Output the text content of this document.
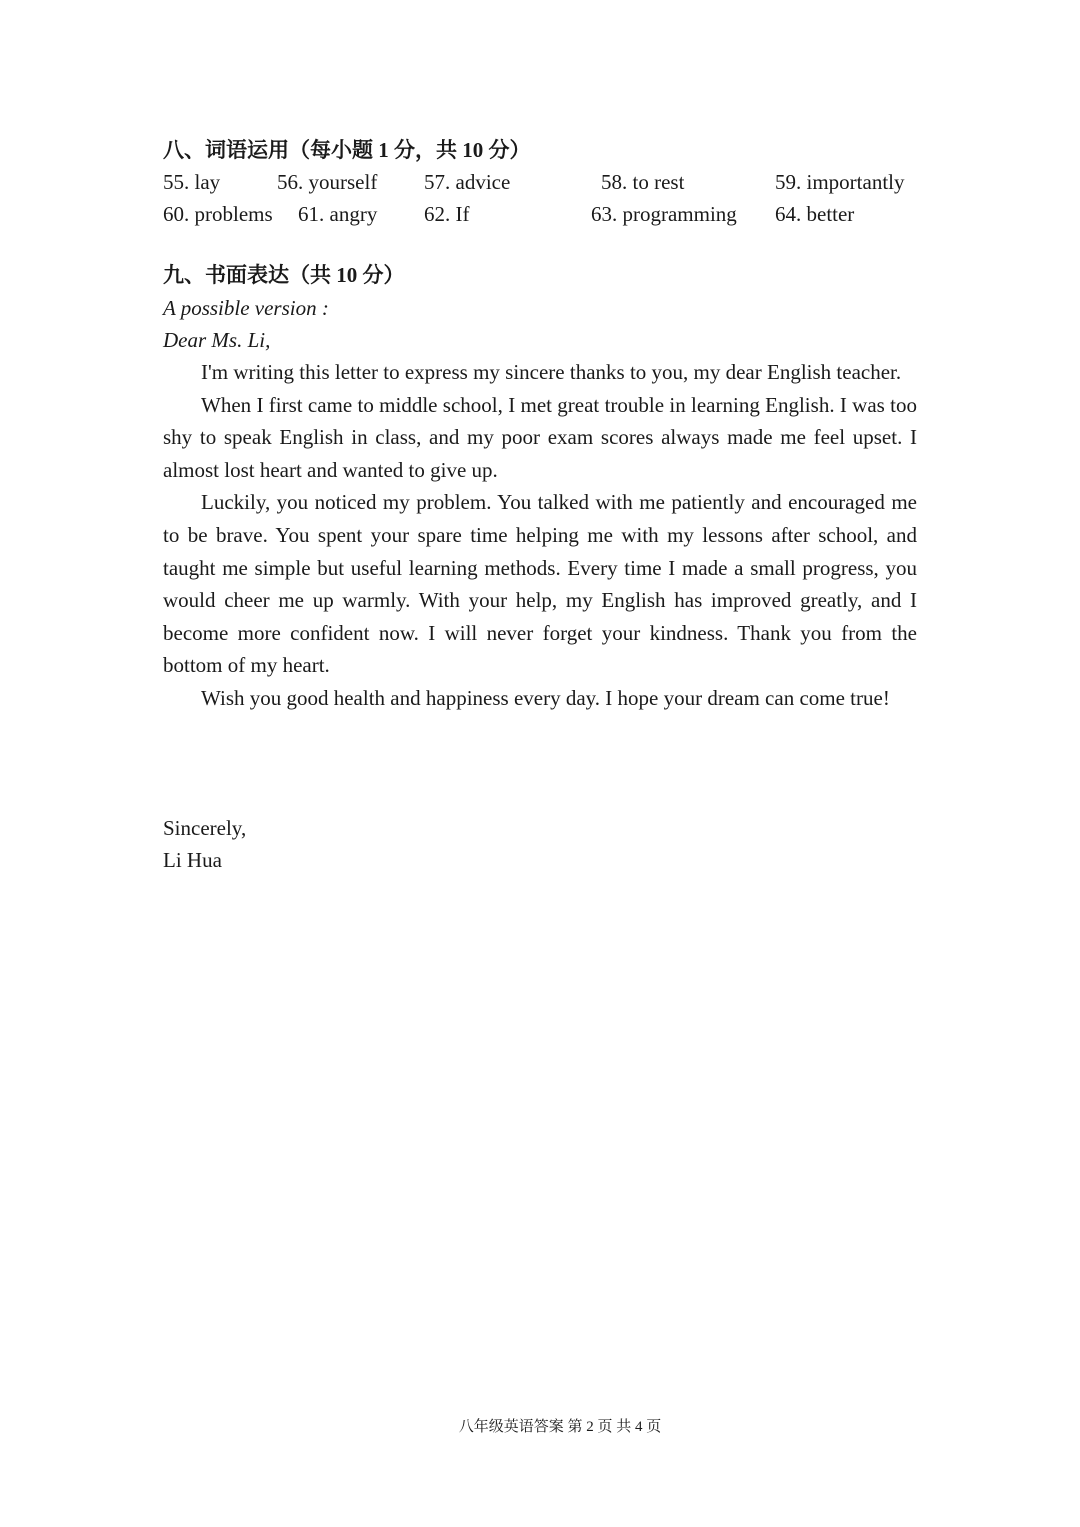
八、词语运用（每小题 1 分，共 10 分）
55. lay	56. yourself 57. advice	58. to rest	59. importantly
60. problems 61. angry 62. If	63. programming 64. better
九、书面表达（共 10 分）
A possible version :
Dear Ms. Li,

I'm writing this letter to express my sincere thanks to you, my dear English teacher.

When I first came to middle school, I met great trouble in learning English. I was too shy to speak English in class, and my poor exam scores always made me feel upset. I almost lost heart and wanted to give up.

Luckily, you noticed my problem. You talked with me patiently and encouraged me to be brave. You spent your spare time helping me with my lessons after school, and taught me simple but useful learning methods. Every time I made a small progress, you would cheer me up warmly. With your help, my English has improved greatly, and I become more confident now. I will never forget your kindness. Thank you from the bottom of my heart.

Wish you good health and happiness every day. I hope your dream can come true!

Sincerely,
Li Hua
八年级英语答案 第 2 页 共 4 页
